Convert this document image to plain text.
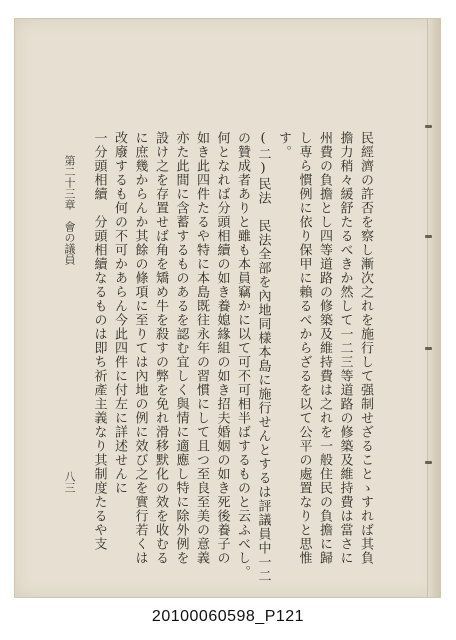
民經濟の許否を察し漸次之れを施行して强制せざることゝすれば其負
擔力稍々緩舒たるべきか然して一二三等道路の修築及維持費は當さに
州費の負擔とし四等道路の修築及維持費は之れを一般住民の負擔に歸
し専ら慣例に依り保甲に賴るべからざるを以て公平の處置なりと思惟
す。
(二)民法　民法全部を內地同樣本島に施行せんとするは評議員中一二
の贊成者ありと雖も本員竊かに以て可不可相半ばするものと云ふべし。
何となれば分頭相續の如き養媳緣組の如き招夫婚姻の如き死後養子の
如き此四件たるや特に本島既往永年の習慣にして且つ至良至美の意義
亦た此間に含蓄するものあるを認む宜しく與情に適應し特に除外例を
設け之を存置せば角を矯め牛を殺すの弊を免れ滑移默化の效を收むる
に庶幾からんか其餘の條項に至りては內地の例に效び之を實行若くは
改廢するも何の不可かあらん今此四件に付左に詳述せんに
一分頭相續　分頭相續なるものは即ち祈產主義なり其制度たるや支
第二十三章　會の議員
八三
20100060598_P121
